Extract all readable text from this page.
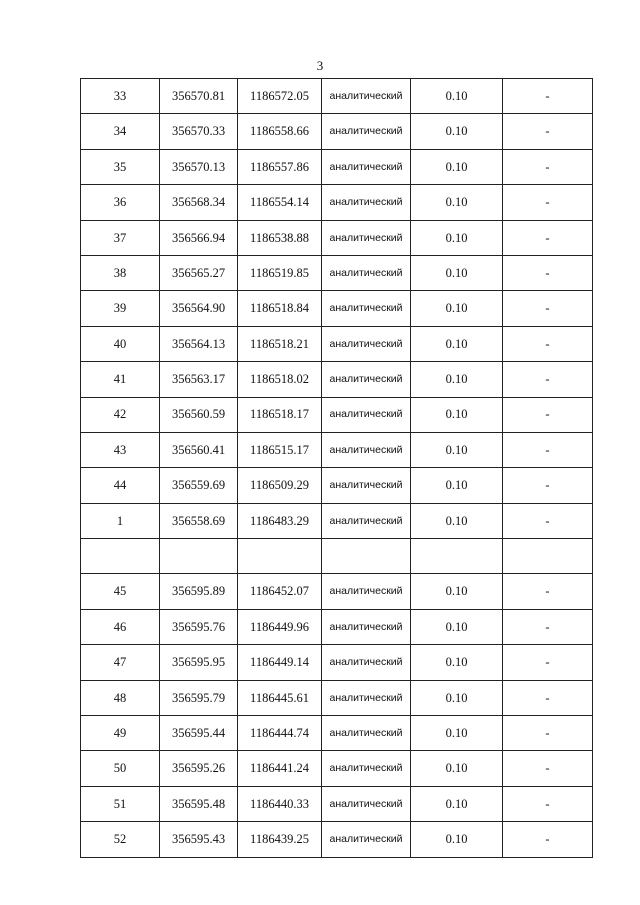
3
33	356570.81	1186572.05	аналитический	0.10	-
34	356570.33	1186558.66	аналитический	0.10	-
35	356570.13	1186557.86	аналитический	0.10	-
36	356568.34	1186554.14	аналитический	0.10	-
37	356566.94	1186538.88	аналитический	0.10	-
38	356565.27	1186519.85	аналитический	0.10	-
39	356564.90	1186518.84	аналитический	0.10	-
40	356564.13	1186518.21	аналитический	0.10	-
41	356563.17	1186518.02	аналитический	0.10	-
42	356560.59	1186518.17	аналитический	0.10	-
43	356560.41	1186515.17	аналитический	0.10	-
44	356559.69	1186509.29	аналитический	0.10	-
1	356558.69	1186483.29	аналитический	0.10	-

45	356595.89	1186452.07	аналитический	0.10	-
46	356595.76	1186449.96	аналитический	0.10	-
47	356595.95	1186449.14	аналитический	0.10	-
48	356595.79	1186445.61	аналитический	0.10	-
49	356595.44	1186444.74	аналитический	0.10	-
50	356595.26	1186441.24	аналитический	0.10	-
51	356595.48	1186440.33	аналитический	0.10	-
52	356595.43	1186439.25	аналитический	0.10	-
